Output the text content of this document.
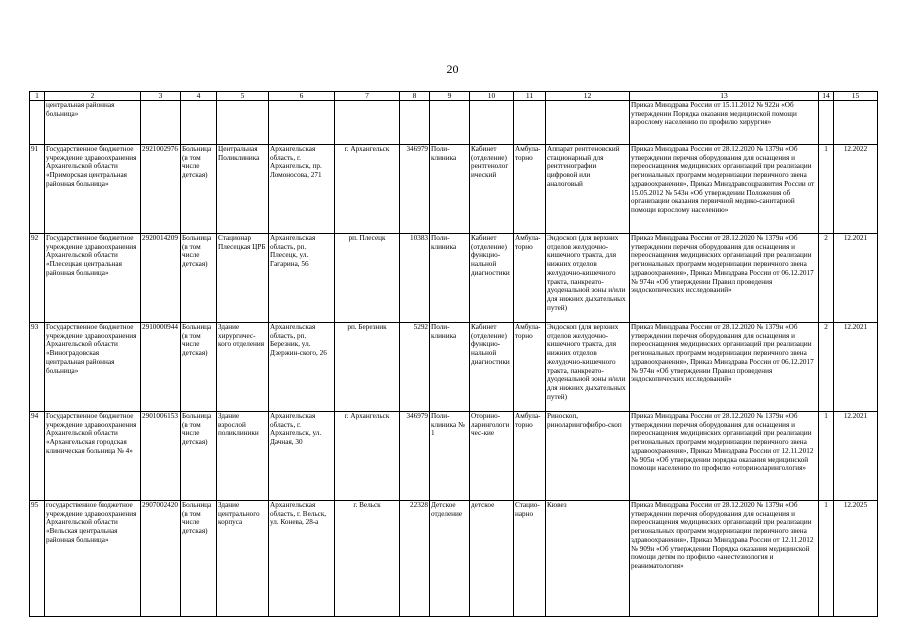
20
1	2	3	4	5	6	7	8	9	10	11	12	13	14	15
	центральная районная больница»											Приказ Минздрава России от 15.11.2012 № 922н «Об утверждении Порядка оказания медицинской помощи взрослому населению по профилю хирургия»		
91	Государственное бюджетное учреждение здравоохранения Архангельской области «Приморская центральная районная больница»	2921002976	Больница (в том числе детская)	Центральная Поликлиника	Архангельская область, г. Архангельск, пр. Ломоносова, 271	г. Архангельск	346979	Поли-клиника	Кабинет (отделение) рентгенологический	Амбула-торно	Аппарат рентгеновский стационарный для рентгенографии цифровой или аналоговый	Приказ Минздрава России от 28.12.2020 № 1379н «Об утверждении перечня оборудования для оснащения и переоснащения медицинских организаций при реализации региональных программ модернизации первичного звена здравоохранения», Приказ Минздравсоцразвития России от 15.05.2012 № 543н «Об утверждении Положения об организации оказания первичной медико-санитарной помощи взрослому населению»	1	12.2022
92	Государственное бюджетное учреждение здравоохранения Архангельской области «Плесецкая центральная районная больница»	2920014209	Больница (в том числе детская)	Стационар Плесецкая ЦРБ	Архангельская область, рп. Плесецк, ул. Гагарина, 56	рп. Плесецк	10383	Поли-клиника	Кабинет (отделение) функцио-нальной диагностики	Амбула-торно	Эндоскоп (для верхних отделов желудочно-кишечного тракта, для нижних отделов желудочно-кишечного тракта, панкреато-дуоденальной зоны и/или для нижних дыхательных путей)	Приказ Минздрава России от 28.12.2020 № 1379н «Об утверждении перечня оборудования для оснащения и переоснащения медицинских организаций при реализации региональных программ модернизации первичного звена здравоохранения», Приказ Минздрава России от 06.12.2017 № 974н «Об утверждении Правил проведения эндоскопических исследований»	2	12.2021
93	Государственное бюджетное учреждение здравоохранения Архангельской области «Виноградовская центральная районная больница»	2910000944	Больница (в том числе детская)	Здание хирургичес-кого отделения	Архангельская область, рп. Березник, ул. Дзержин-ского, 26	рп. Березник	5292	Поли-клиника	Кабинет (отделение) функцио-нальной диагностики	Амбула-торно	Эндоскоп (для верхних отделов желудочно-кишечного тракта, для нижних отделов желудочно-кишечного тракта, панкреато-дуоденальной зоны и/или для нижних дыхательных путей)	Приказ Минздрава России от 28.12.2020 № 1379н «Об утверждении перечня оборудования для оснащения и переоснащения медицинских организаций при реализации региональных программ модернизации первичного звена здравоохранения», Приказ Минздрава России от 06.12.2017 № 974н «Об утверждении Правил проведения эндоскопических исследований»	2	12.2021
94	Государственное бюджетное учреждение здравоохранения Архангельской области «Архангельская городская клиническая больница № 4»	2901006153	Больница (в том числе детская)	Здание взрослой поликлиники	Архангельская область, г. Архангельск, ул. Дачная, 30	г. Архангельск	346979	Поли-клиника № 1	Оторино-ларингологичес-кие	Амбула-торно	Риноскоп, риноларингофибро-скоп	Приказ Минздрава России от 28.12.2020 № 1379н «Об утверждении перечня оборудования для оснащения и переоснащения медицинских организаций при реализации региональных программ модернизации первичного звена здравоохранения», Приказ Минздрава России от 12.11.2012 № 905н «Об утверждении порядка оказания медицинской помощи населению по профилю «оториноларингология»	1	12.2021
95	государственное бюджетное учреждение здравоохранения Архангельской области «Вельская центральная районная больница»	2907002420	Больница (в том числе детская)	Здание центрального корпуса	Архангельская область, г. Вельск, ул. Конева, 28-а	г. Вельск	22328	Детское отделение	детское	Стацио-нарно	Кювез	Приказ Минздрава России от 28.12.2020 № 1379н «Об утверждении перечня оборудования для оснащения и переоснащения медицинских организаций при реализации региональных программ модернизации первичного звена здравоохранения», Приказ Минздрава России от 12.11.2012 № 909н «Об утверждении Порядка оказания медицинской помощи детям по профилю «анестезиология и реаниматология»	1	12.2025
